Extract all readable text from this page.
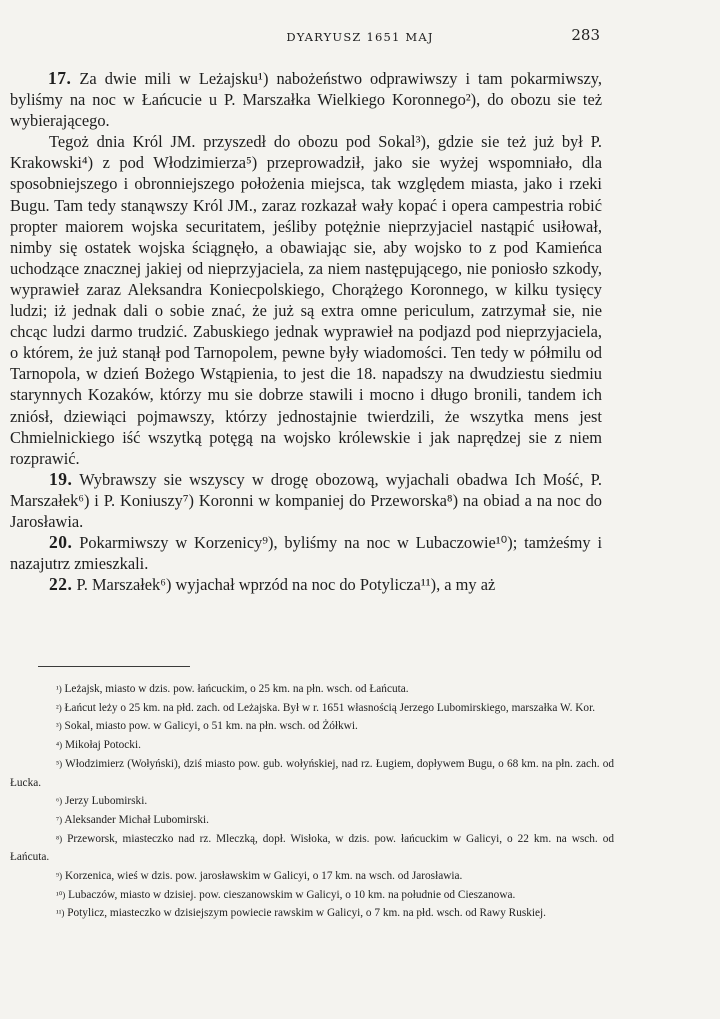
DYARYUSZ 1651 MAJ	283

17. Za dwie mili w Leżajsku¹) nabożeństwo odprawiwszy i tam pokarmiwszy, byliśmy na noc w Łańcucie u P. Marszałka Wielkiego Koronnego²), do obozu sie też wybierającego.

Tegoż dnia Król JM. przyszedł do obozu pod Sokal³), gdzie sie też już był P. Krakowski⁴) z pod Włodzimierza⁵) przeprowadził, jako sie wyżej wspomniało, dla sposobniejszego i obronniejszego położenia miejsca, tak względem miasta, jako i rzeki Bugu. Tam tedy stanąwszy Król JM., zaraz rozkazał wały kopać i opera campestria robić propter maiorem wojska securitatem, jeśliby potężnie nieprzyjaciel nastąpić usiłował, nimby się ostatek wojska ściągnęło, a obawiając sie, aby wojsko to z pod Kamieńca uchodzące znacznej jakiej od nieprzyjaciela, za niem następującego, nie poniosło szkody, wyprawieł zaraz Aleksandra Koniecpolskiego, Chorążego Koronnego, w kilku tysięcy ludzi; iż jednak dali o sobie znać, że już są extra omne periculum, zatrzymał sie, nie chcąc ludzi darmo trudzić. Zabuskiego jednak wyprawieł na podjazd pod nieprzyjaciela, o którem, że już stanął pod Tarnopolem, pewne były wiadomości. Ten tedy w półmilu od Tarnopola, w dzień Bożego Wstąpienia, to jest die 18. napadszy na dwudziestu siedmiu starynnych Kozaków, którzy mu sie dobrze stawili i mocno i długo bronili, tandem ich zniósł, dziewiąci pojmawszy, którzy jednostajnie twierdzili, że wszytka mens jest Chmielnickiego iść wszytką potęgą na wojsko królewskie i jak naprędzej sie z niem rozprawić.

19. Wybrawszy sie wszyscy w drogę obozową, wyjachali obadwa Ich Mość, P. Marszałek⁶) i P. Koniuszy⁷) Koronni w kompaniej do Przeworska⁸) na obiad a na noc do Jarosławia.

20. Pokarmiwszy w Korzenicy⁹), byliśmy na noc w Lubaczowie¹⁰); tamżeśmy i nazajutrz zmieszkali.

22. P. Marszałek⁶) wyjachał wprzód na noc do Potylicza¹¹), a my aż

¹) Leżajsk, miasto w dzis. pow. łańcuckim, o 25 km. na płn. wsch. od Łańcuta.

²) Łańcut leży o 25 km. na płd. zach. od Leżajska. Był w r. 1651 własnością Jerzego Lubomirskiego, marszałka W. Kor.

³) Sokal, miasto pow. w Galicyi, o 51 km. na płn. wsch. od Żółkwi.

⁴) Mikołaj Potocki.

⁵) Włodzimierz (Wołyński), dziś miasto pow. gub. wołyńskiej, nad rz. Ługiem, dopływem Bugu, o 68 km. na płn. zach. od Łucka.

⁶) Jerzy Lubomirski.

⁷) Aleksander Michał Lubomirski.

⁸) Przeworsk, miasteczko nad rz. Mleczką, dopł. Wisłoka, w dzis. pow. łańcuckim w Galicyi, o 22 km. na wsch. od Łańcuta.

⁹) Korzenica, wieś w dzis. pow. jarosławskim w Galicyi, o 17 km. na wsch. od Jarosławia.

¹⁰) Lubaczów, miasto w dzisiej. pow. cieszanowskim w Galicyi, o 10 km. na południe od Cieszanowa.

¹¹) Potylicz, miasteczko w dzisiejszym powiecie rawskim w Galicyi, o 7 km. na płd. wsch. od Rawy Ruskiej.
